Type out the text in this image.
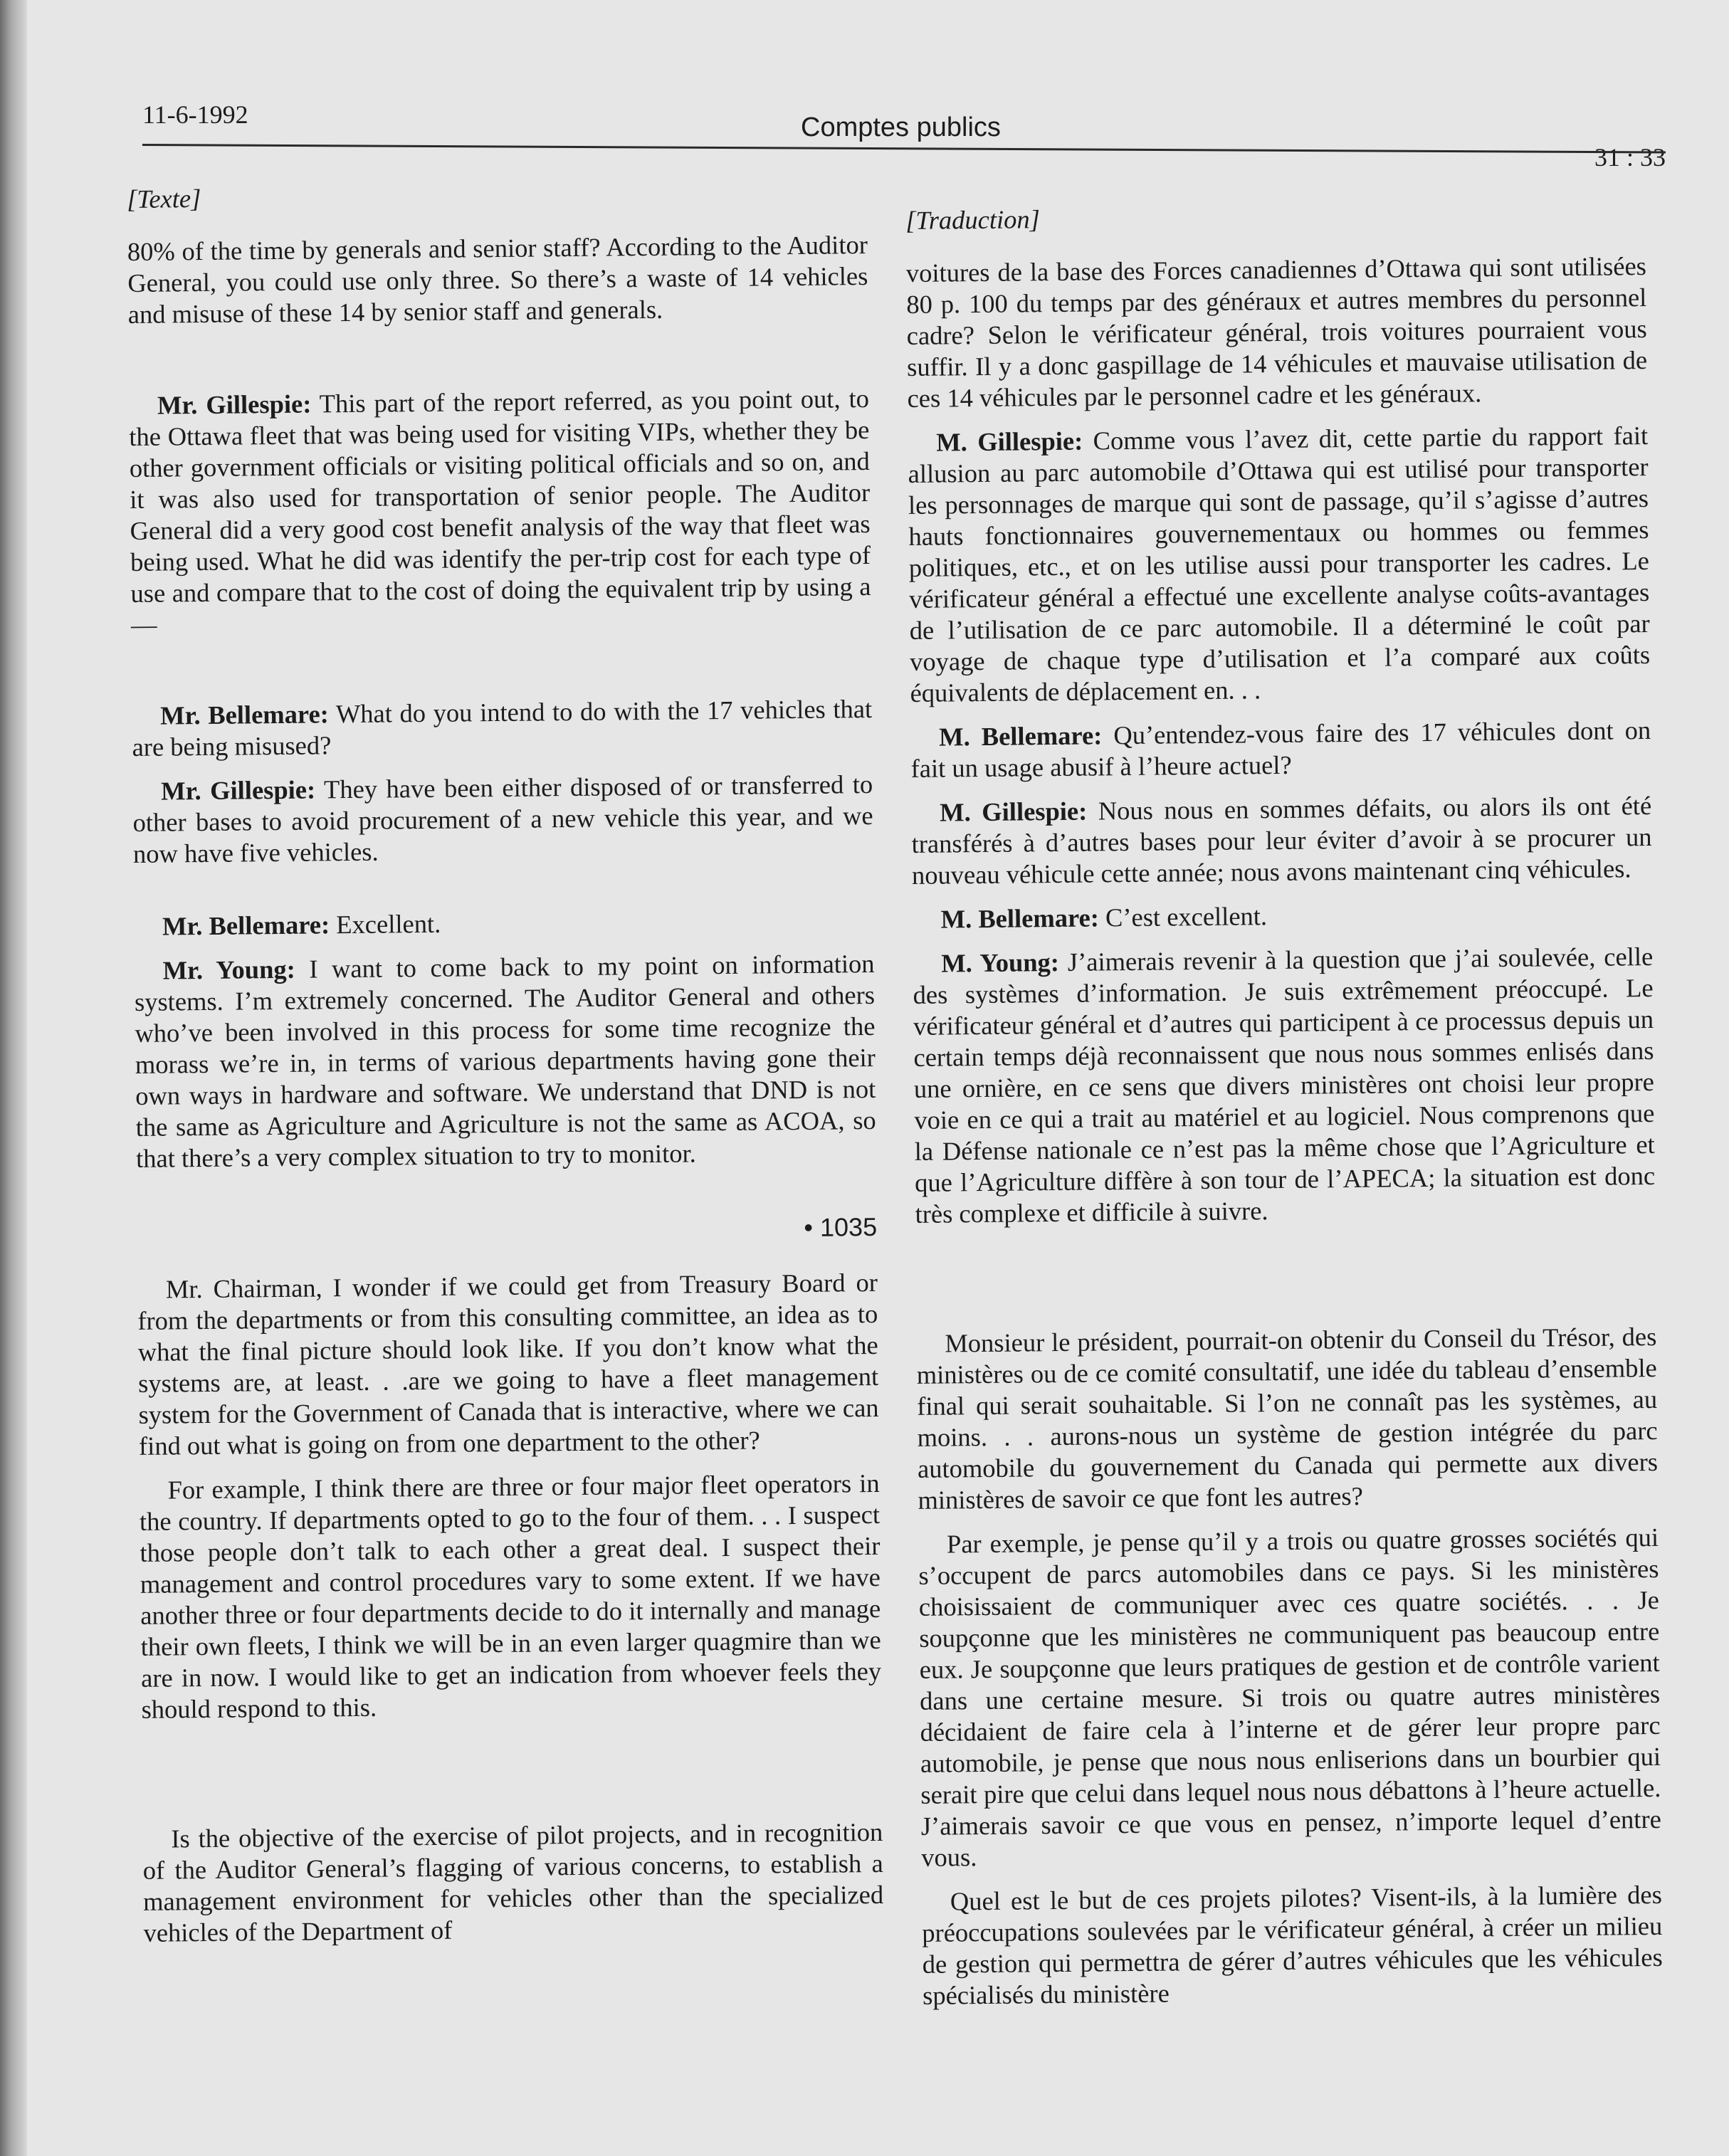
11-6-1992	Comptes publics
31 : 33

[Texte]

80% of the time by generals and senior staff? According to the Auditor General, you could use only three. So there’s a waste of 14 vehicles and misuse of these 14 by senior staff and generals.

Mr. Gillespie: This part of the report referred, as you point out, to the Ottawa fleet that was being used for visiting VIPs, whether they be other government officials or visiting political officials and so on, and it was also used for transportation of senior people. The Auditor General did a very good cost benefit analysis of the way that fleet was being used. What he did was identify the per-trip cost for each type of use and compare that to the cost of doing the equivalent trip by using a—

Mr. Bellemare: What do you intend to do with the 17 vehicles that are being misused?

Mr. Gillespie: They have been either disposed of or transferred to other bases to avoid procurement of a new vehicle this year, and we now have five vehicles.

Mr. Bellemare: Excellent.

Mr. Young: I want to come back to my point on information systems. I’m extremely concerned. The Auditor General and others who’ve been involved in this process for some time recognize the morass we’re in, in terms of various departments having gone their own ways in hardware and software. We understand that DND is not the same as Agriculture and Agriculture is not the same as ACOA, so that there’s a very complex situation to try to monitor.

• 1035

Mr. Chairman, I wonder if we could get from Treasury Board or from the departments or from this consulting committee, an idea as to what the final picture should look like. If you don’t know what the systems are, at least. . .are we going to have a fleet management system for the Government of Canada that is interactive, where we can find out what is going on from one department to the other?

For example, I think there are three or four major fleet operators in the country. If departments opted to go to the four of them. . . I suspect those people don’t talk to each other a great deal. I suspect their management and control procedures vary to some extent. If we have another three or four departments decide to do it internally and manage their own fleets, I think we will be in an even larger quagmire than we are in now. I would like to get an indication from whoever feels they should respond to this.

Is the objective of the exercise of pilot projects, and in recognition of the Auditor General’s flagging of various concerns, to establish a management environment for vehicles other than the specialized vehicles of the Department of

[Traduction]

voitures de la base des Forces canadiennes d’Ottawa qui sont utilisées 80 p. 100 du temps par des généraux et autres membres du personnel cadre? Selon le vérificateur général, trois voitures pourraient vous suffir. Il y a donc gaspillage de 14 véhicules et mauvaise utilisation de ces 14 véhicules par le personnel cadre et les généraux.

M. Gillespie: Comme vous l’avez dit, cette partie du rapport fait allusion au parc automobile d’Ottawa qui est utilisé pour transporter les personnages de marque qui sont de passage, qu’il s’agisse d’autres hauts fonctionnaires gouvernementaux ou hommes ou femmes politiques, etc., et on les utilise aussi pour transporter les cadres. Le vérificateur général a effectué une excellente analyse coûts-avantages de l’utilisation de ce parc automobile. Il a déterminé le coût par voyage de chaque type d’utilisation et l’a comparé aux coûts équivalents de déplacement en. . .

M. Bellemare: Qu’entendez-vous faire des 17 véhicules dont on fait un usage abusif à l’heure actuel?

M. Gillespie: Nous nous en sommes défaits, ou alors ils ont été transférés à d’autres bases pour leur éviter d’avoir à se procurer un nouveau véhicule cette année; nous avons maintenant cinq véhicules.

M. Bellemare: C’est excellent.

M. Young: J’aimerais revenir à la question que j’ai soulevée, celle des systèmes d’information. Je suis extrêmement préoccupé. Le vérificateur général et d’autres qui participent à ce processus depuis un certain temps déjà reconnaissent que nous nous sommes enlisés dans une ornière, en ce sens que divers ministères ont choisi leur propre voie en ce qui a trait au matériel et au logiciel. Nous comprenons que la Défense nationale ce n’est pas la même chose que l’Agriculture et que l’Agriculture diffère à son tour de l’APECA; la situation est donc très complexe et difficile à suivre.

Monsieur le président, pourrait-on obtenir du Conseil du Trésor, des ministères ou de ce comité consultatif, une idée du tableau d’ensemble final qui serait souhaitable. Si l’on ne connaît pas les systèmes, au moins. . . aurons-nous un système de gestion intégrée du parc automobile du gouvernement du Canada qui permette aux divers ministères de savoir ce que font les autres?

Par exemple, je pense qu’il y a trois ou quatre grosses sociétés qui s’occupent de parcs automobiles dans ce pays. Si les ministères choisissaient de communiquer avec ces quatre sociétés. . . Je soupçonne que les ministères ne communiquent pas beaucoup entre eux. Je soupçonne que leurs pratiques de gestion et de contrôle varient dans une certaine mesure. Si trois ou quatre autres ministères décidaient de faire cela à l’interne et de gérer leur propre parc automobile, je pense que nous nous enliserions dans un bourbier qui serait pire que celui dans lequel nous nous débattons à l’heure actuelle. J’aimerais savoir ce que vous en pensez, n’importe lequel d’entre vous.

Quel est le but de ces projets pilotes? Visent-ils, à la lumière des préoccupations soulevées par le vérificateur général, à créer un milieu de gestion qui permettra de gérer d’autres véhicules que les véhicules spécialisés du ministère
